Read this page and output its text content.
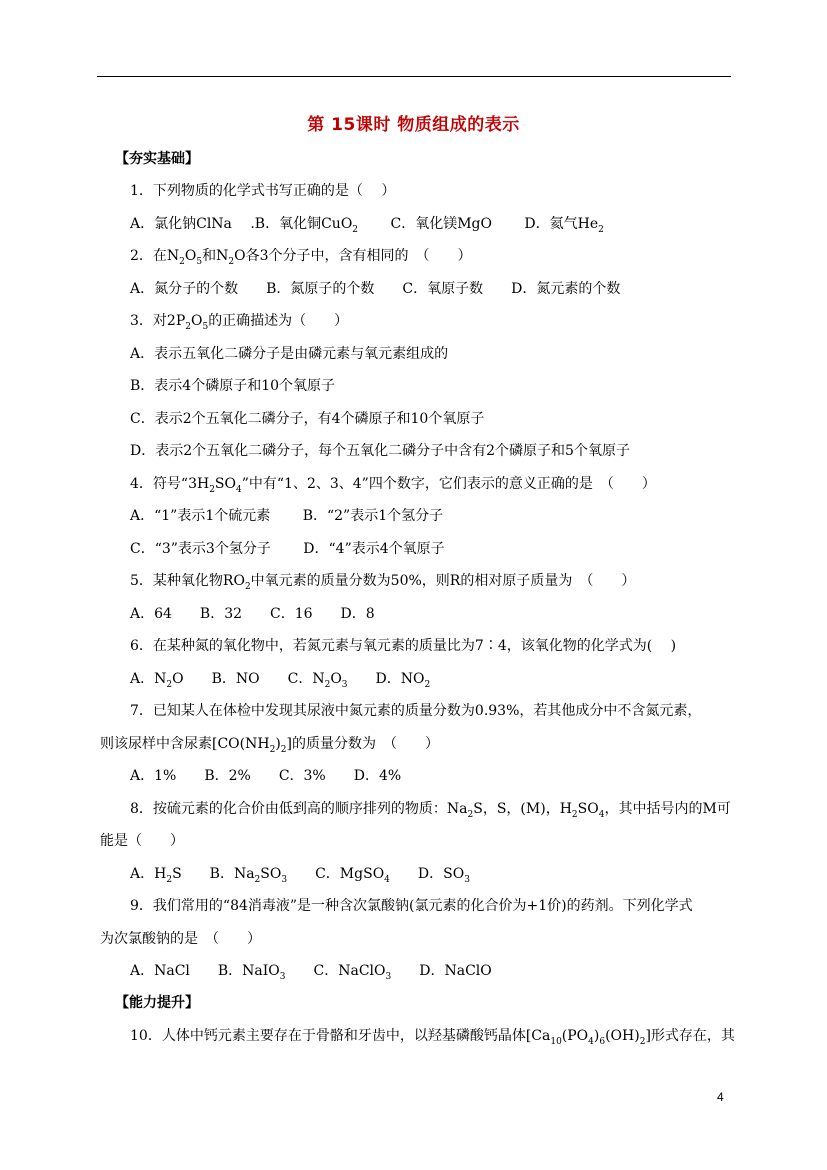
第 15课时 物质组成的表示
【夯实基础】
1．下列物质的化学式书写正确的是（　 ）
A．氯化钠ClNa　 .B．氧化铜CuO$_2$　 　C．氧化镁MgO　 　D．氦气$He_2$
2．在$N_2O_5$和$N_2O$各3个分子中，含有相同的　（　　）
A．氮分子的个数　　B．氮原子的个数　　C．氧原子数　　D．氮元素的个数
3．对$2P_2O_5$的正确描述为（　　）
A．表示五氧化二磷分子是由磷元素与氧元素组成的
B．表示4个磷原子和10个氧原子
C．表示2个五氧化二磷分子，有4个磷原子和10个氧原子
D．表示2个五氧化二磷分子，每个五氧化二磷分子中含有2个磷原子和5个氧原子
4．符号“$3H_2SO_4$”中有“1、2、3、4”四个数字，它们表示的意义正确的是　（　　）
A．“1”表示1个硫元素　　 B．“2”表示1个氢分子
C．“3”表示3个氢分子　　 D．“4”表示4个氧原子
5．某种氧化物$RO_2$中氧元素的质量分数为50%，则R的相对原子质量为　（　　）
A．64　　B．32　　C．16　　D．8
6．在某种氮的氧化物中，若氮元素与氧元素的质量比为7∶4，该氧化物的化学式为(　 )
A．$N_2O$　　B．NO　　C．$N_2O_3$　　D．$NO_2$
7．已知某人在体检中发现其尿液中氮元素的质量分数为0.93%，若其他成分中不含氮元素，
则该尿样中含尿素$[CO(NH_2)_2]$的质量分数为　（　　）
A．1%　　B．2%　　C．3%　　D．4%
8．按硫元素的化合价由低到高的顺序排列的物质：$Na_2S$，S，(M)，$H_2SO_4$，其中括号内的M可
能是（　　）
A．$H_2S$　　B．$Na_2SO_3$　　C．MgSO$_4$　　D．$SO_3$
9．我们常用的“84消毒液”是一种含次氯酸钠(氯元素的化合价为+1价)的药剂。下列化学式
为次氯酸钠的是　（　　）
A．NaCl　　B．NaIO$_3$　　C．NaClO$_3$　　D．NaClO
【能力提升】
10．人体中钙元素主要存在于骨骼和牙齿中，以羟基磷酸钙晶体$[Ca_{10}(PO_4)_6(OH)_2]$形式存在，其
4
